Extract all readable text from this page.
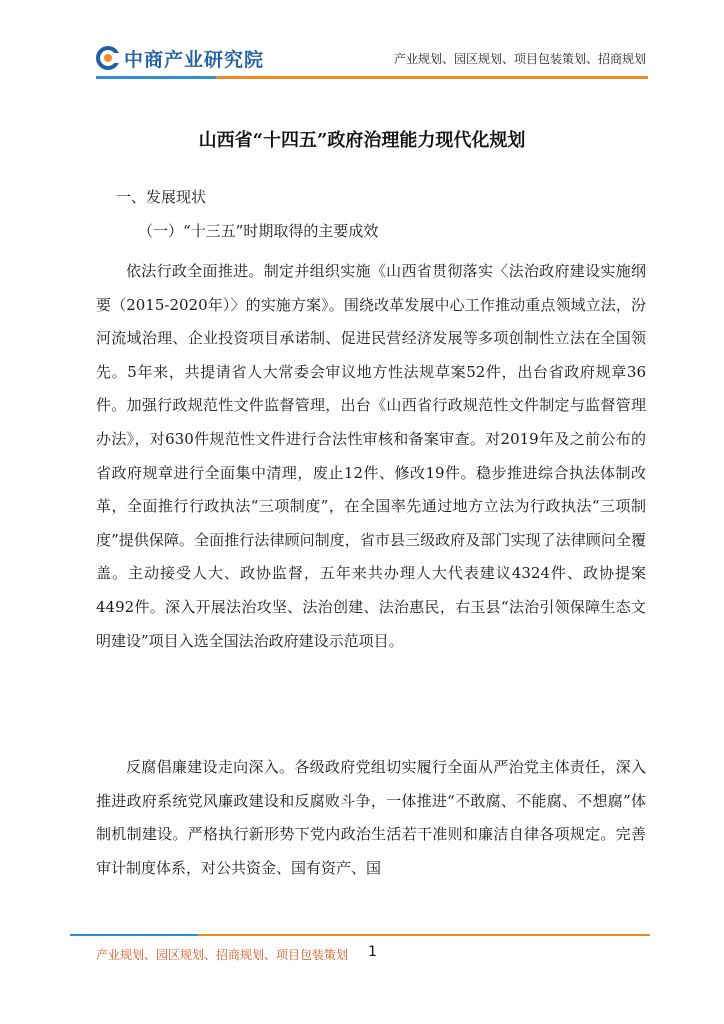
中商产业研究院	产业规划、园区规划、项目包装策划、招商规划
山西省“十四五”政府治理能力现代化规划
一、发展现状
（一）“十三五”时期取得的主要成效

依法行政全面推进。制定并组织实施《山西省贯彻落实〈法治政府建设实施纲要（2015-2020年）〉的实施方案》。围绕改革发展中心工作推动重点领域立法，汾河流域治理、企业投资项目承诺制、促进民营经济发展等多项创制性立法在全国领先。5年来，共提请省人大常委会审议地方性法规草案52件，出台省政府规章36件。加强行政规范性文件监督管理，出台《山西省行政规范性文件制定与监督管理办法》，对630件规范性文件进行合法性审核和备案审查。对2019年及之前公布的省政府规章进行全面集中清理，废止12件、修改19件。稳步推进综合执法体制改革，全面推行行政执法“三项制度”，在全国率先通过地方立法为行政执法“三项制度”提供保障。全面推行法律顾问制度，省市县三级政府及部门实现了法律顾问全覆盖。主动接受人大、政协监督，五年来共办理人大代表建议4324件、政协提案4492件。深入开展法治攻坚、法治创建、法治惠民，右玉县“法治引领保障生态文明建设”项目入选全国法治政府建设示范项目。

反腐倡廉建设走向深入。各级政府党组切实履行全面从严治党主体责任，深入推进政府系统党风廉政建设和反腐败斗争，一体推进“不敢腐、不能腐、不想腐”体制机制建设。严格执行新形势下党内政治生活若干准则和廉洁自律各项规定。完善审计制度体系，对公共资金、国有资产、国

产业规划、园区规划、招商规划、项目包装策划 1
